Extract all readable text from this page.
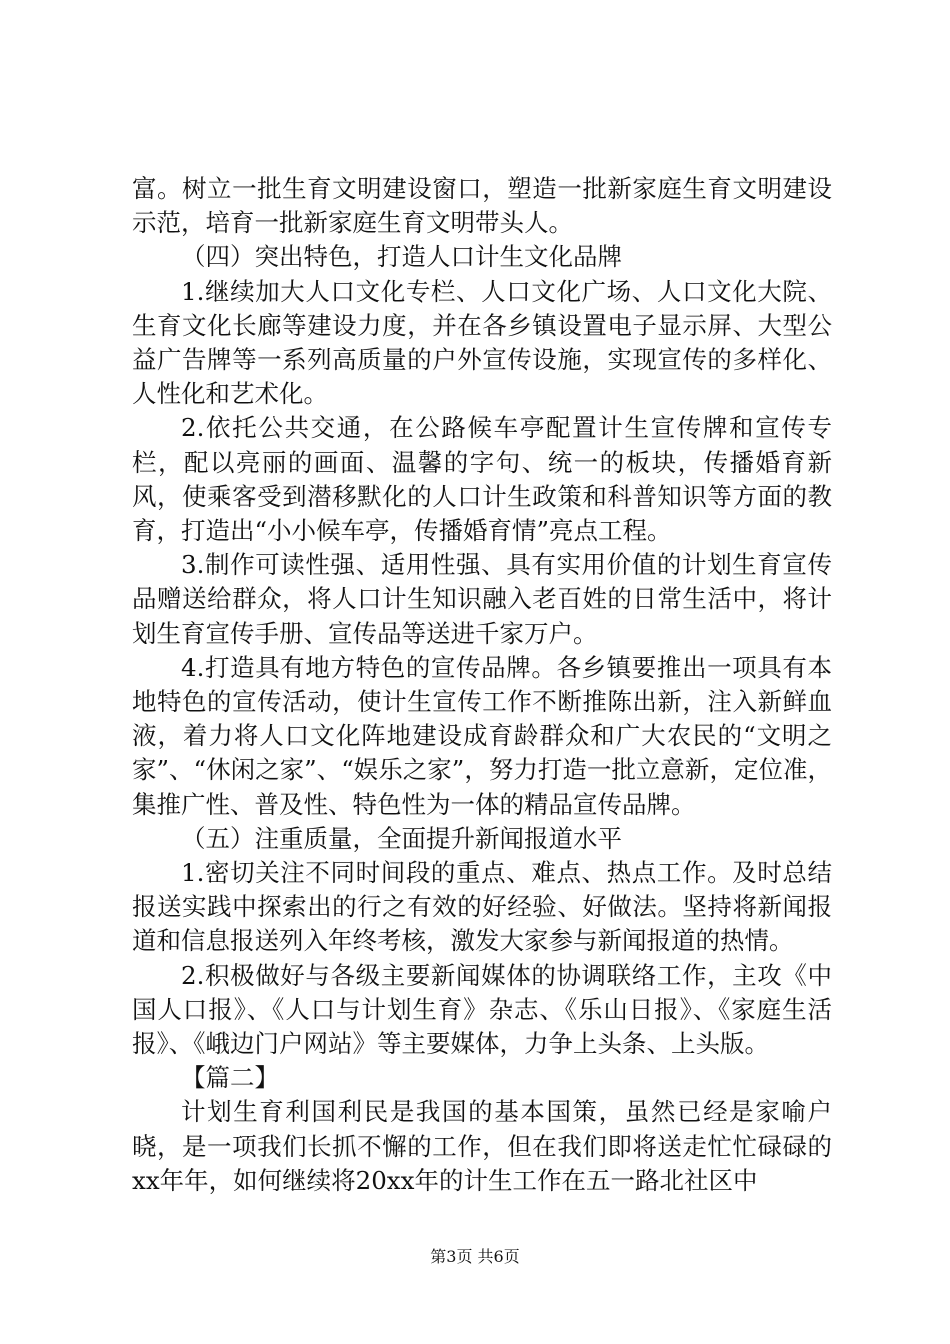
富。树立一批生育文明建设窗口，塑造一批新家庭生育文明建设示范，培育一批新家庭生育文明带头人。

（四）突出特色，打造人口计生文化品牌

1.继续加大人口文化专栏、人口文化广场、人口文化大院、生育文化长廊等建设力度，并在各乡镇设置电子显示屏、大型公益广告牌等一系列高质量的户外宣传设施，实现宣传的多样化、人性化和艺术化。

2.依托公共交通，在公路候车亭配置计生宣传牌和宣传专栏，配以亮丽的画面、温馨的字句、统一的板块，传播婚育新风，使乘客受到潜移默化的人口计生政策和科普知识等方面的教育，打造出“小小候车亭，传播婚育情”亮点工程。

3.制作可读性强、适用性强、具有实用价值的计划生育宣传品赠送给群众，将人口计生知识融入老百姓的日常生活中，将计划生育宣传手册、宣传品等送进千家万户。

4.打造具有地方特色的宣传品牌。各乡镇要推出一项具有本地特色的宣传活动，使计生宣传工作不断推陈出新，注入新鲜血液，着力将人口文化阵地建设成育龄群众和广大农民的“文明之家”、“休闲之家”、“娱乐之家”，努力打造一批立意新，定位准，集推广性、普及性、特色性为一体的精品宣传品牌。

（五）注重质量，全面提升新闻报道水平

1.密切关注不同时间段的重点、难点、热点工作。及时总结报送实践中探索出的行之有效的好经验、好做法。坚持将新闻报道和信息报送列入年终考核，激发大家参与新闻报道的热情。

2.积极做好与各级主要新闻媒体的协调联络工作，主攻《中国人口报》、《人口与计划生育》杂志、《乐山日报》、《家庭生活报》、《峨边门户网站》等主要媒体，力争上头条、上头版。

【篇二】

计划生育利国利民是我国的基本国策，虽然已经是家喻户晓，是一项我们长抓不懈的工作，但在我们即将送走忙忙碌碌的xx年年，如何继续将20xx年的计生工作在五一路北社区中

第3页 共6页
